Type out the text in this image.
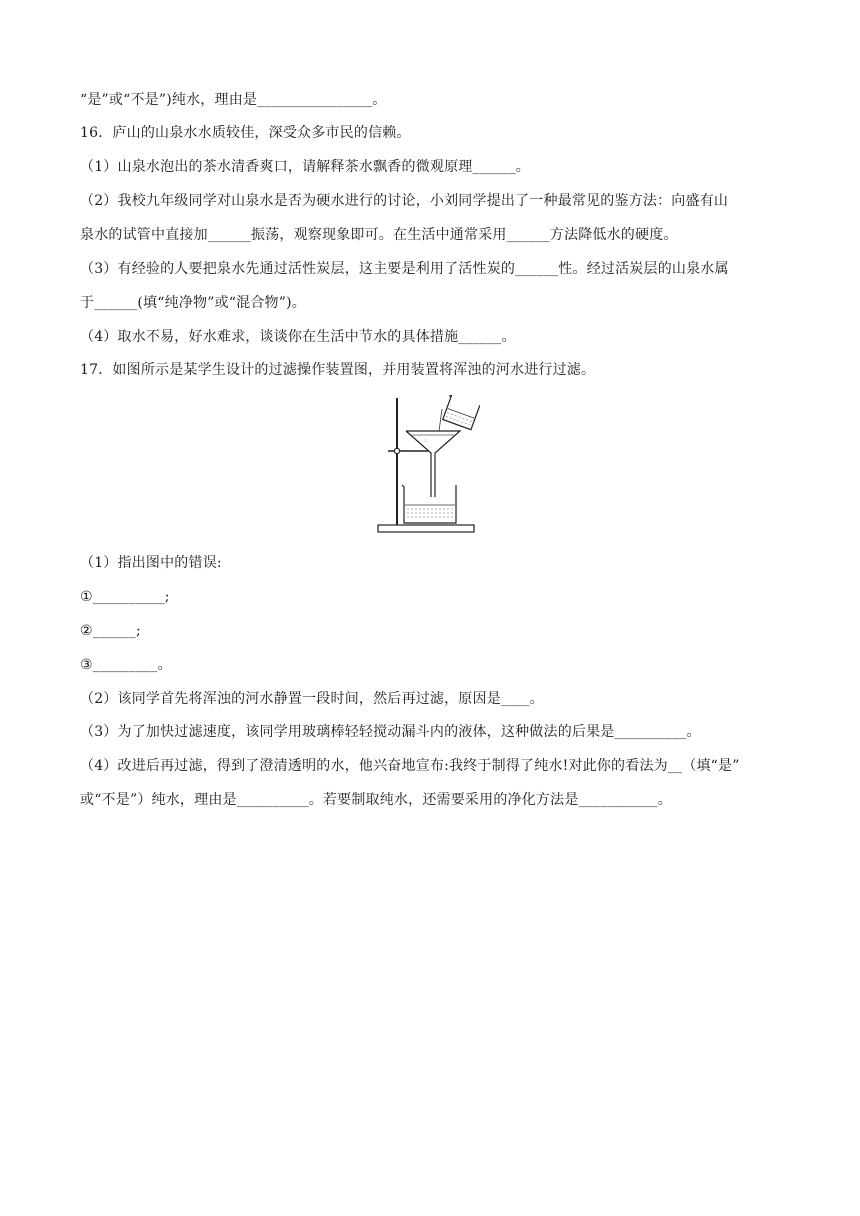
“是”或“不是”)纯水，理由是________________。
16．庐山的山泉水水质较佳，深受众多市民的信赖。
（1）山泉水泡出的茶水清香爽口，请解释茶水飘香的微观原理______。
（2）我校九年级同学对山泉水是否为硬水进行的讨论，小刘同学提出了一种最常见的鉴方法：向盛有山
泉水的试管中直接加______振荡，观察现象即可。在生活中通常采用______方法降低水的硬度。
（3）有经验的人要把泉水先通过活性炭层，这主要是利用了活性炭的______性。经过活炭层的山泉水属
于______(填“纯净物”或“混合物”)。
（4）取水不易，好水难求，谈谈你在生活中节水的具体措施______。
17．如图所示是某学生设计的过滤操作装置图，并用装置将浑浊的河水进行过滤。
∴
（1）指出图中的错误:
①__________;
②______;
③_________。
（2）该同学首先将浑浊的河水静置一段时间，然后再过滤，原因是____。
（3）为了加快过滤速度，该同学用玻璃棒轻轻搅动漏斗内的液体，这种做法的后果是__________。
（4）改进后再过滤，得到了澄清透明的水，他兴奋地宣布:我终于制得了纯水!对此你的看法为__（填“是”
或“不是”）纯水，理由是__________。若要制取纯水，还需要采用的净化方法是___________。
